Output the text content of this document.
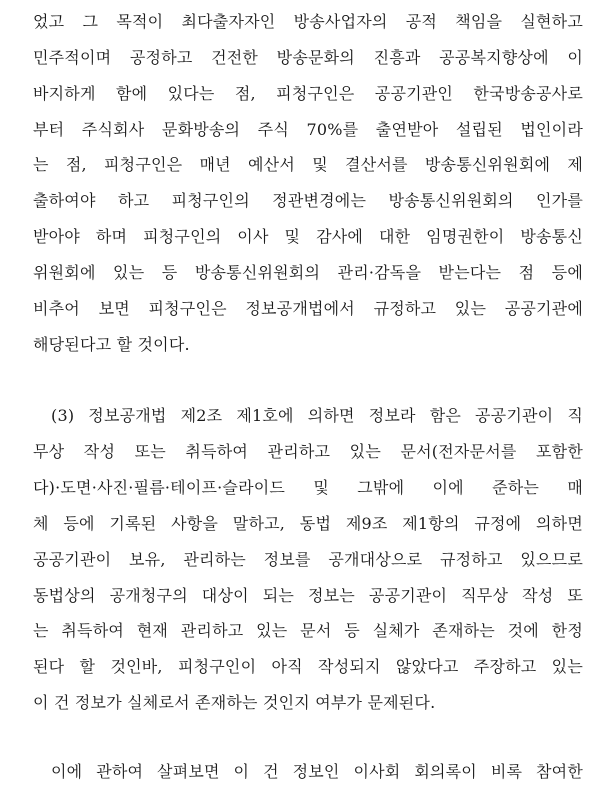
었고 그 목적이 최다출자자인 방송사업자의 공적 책임을 실현하고
민주적이며 공정하고 건전한 방송문화의 진흥과 공공복지향상에 이
바지하게 함에 있다는 점, 피청구인은 공공기관인 한국방송공사로
부터 주식회사 문화방송의 주식 70%를 출연받아 설립된 법인이라
는 점, 피청구인은 매년 예산서 및 결산서를 방송통신위원회에 제
출하여야 하고 피청구인의 정관변경에는 방송통신위원회의 인가를
받아야 하며 피청구인의 이사 및 감사에 대한 임명권한이 방송통신
위원회에 있는 등 방송통신위원회의 관리·감독을 받는다는 점 등에
비추어 보면 피청구인은 정보공개법에서 규정하고 있는 공공기관에
해당된다고 할 것이다.
(3) 정보공개법 제2조 제1호에 의하면 정보라 함은 공공기관이 직
무상 작성 또는 취득하여 관리하고 있는 문서(전자문서를 포함한
다)·도면·사진·필름·테이프·슬라이드 및 그밖에 이에 준하는 매
체 등에 기록된 사항을 말하고, 동법 제9조 제1항의 규정에 의하면
공공기관이 보유, 관리하는 정보를 공개대상으로 규정하고 있으므로
동법상의 공개청구의 대상이 되는 정보는 공공기관이 직무상 작성 또
는 취득하여 현재 관리하고 있는 문서 등 실체가 존재하는 것에 한정
된다 할 것인바, 피청구인이 아직 작성되지 않았다고 주장하고 있는
이 건 정보가 실체로서 존재하는 것인지 여부가 문제된다.
이에 관하여 살펴보면 이 건 정보인 이사회 회의록이 비록 참여한
